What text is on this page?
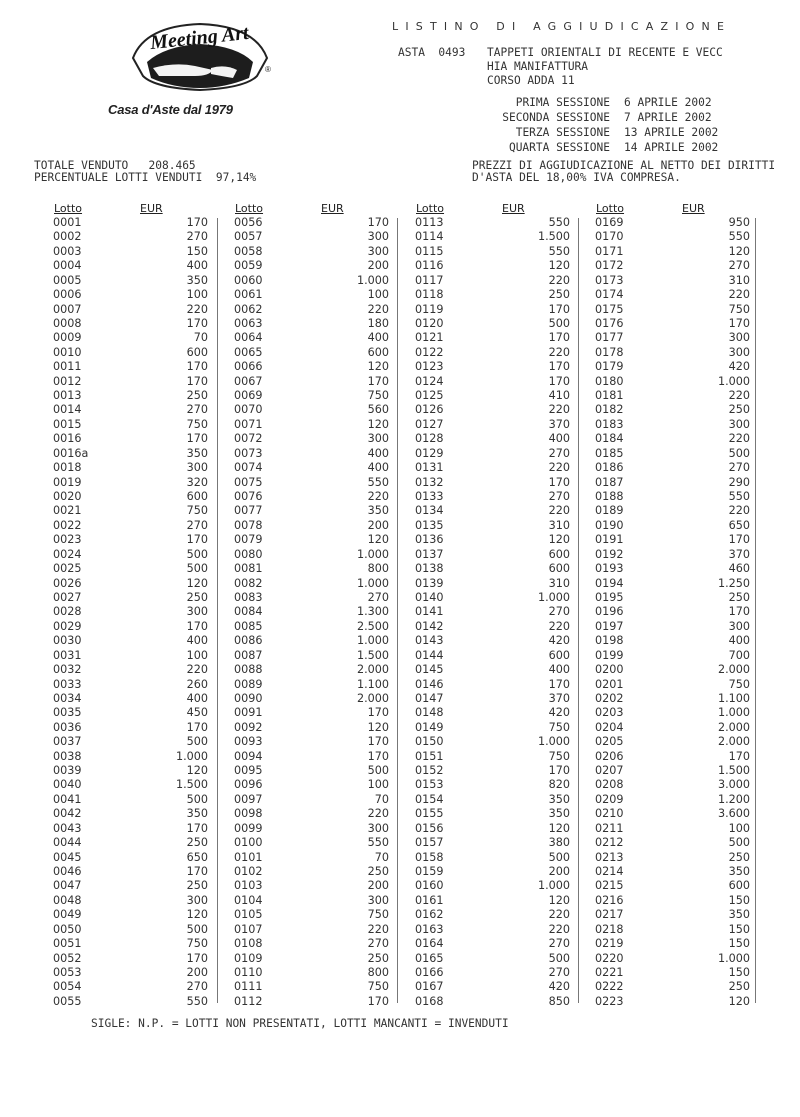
®
Meeting Art
Casa d'Aste dal 1979
LISTINO DI AGGIUDICAZIONE
ASTA  0493 TAPPETI ORIENTALI DI RECENTE E VECC
HIA MANIFATTURA
CORSO ADDA 11
PRIMA SESSIONE 6 APRILE 2002
SECONDA SESSIONE 7 APRILE 2002
TERZA SESSIONE 13 APRILE 2002
QUARTA SESSIONE 14 APRILE 2002
TOTALE VENDUTO 208.465
PERCENTUALE LOTTI VENDUTI 97,14%
PREZZI DI AGGIUDICAZIONE AL NETTO DEI DIRITTI
D'ASTA DEL 18,00% IVA COMPRESA.
Lotto	EUR
0001	170
0002	270
0003	150
0004	400
0005	350
0006	100
0007	220
0008	170
0009	70
0010	600
0011	170
0012	170
0013	250
0014	270
0015	750
0016	170
0016a	350
0018	300
0019	320
0020	600
0021	750
0022	270
0023	170
0024	500
0025	500
0026	120
0027	250
0028	300
0029	170
0030	400
0031	100
0032	220
0033	260
0034	400
0035	450
0036	170
0037	500
0038	1.000
0039	120
0040	1.500
0041	500
0042	350
0043	170
0044	250
0045	650
0046	170
0047	250
0048	300
0049	120
0050	500
0051	750
0052	170
0053	200
0054	270
0055	550
Lotto	EUR
0056	170
0057	300
0058	300
0059	200
0060	1.000
0061	100
0062	220
0063	180
0064	400
0065	600
0066	120
0067	170
0069	750
0070	560
0071	120
0072	300
0073	400
0074	400
0075	550
0076	220
0077	350
0078	200
0079	120
0080	1.000
0081	800
0082	1.000
0083	270
0084	1.300
0085	2.500
0086	1.000
0087	1.500
0088	2.000
0089	1.100
0090	2.000
0091	170
0092	120
0093	170
0094	170
0095	500
0096	100
0097	70
0098	220
0099	300
0100	550
0101	70
0102	250
0103	200
0104	300
0105	750
0107	220
0108	270
0109	250
0110	800
0111	750
0112	170
Lotto	EUR
0113	550
0114	1.500
0115	550
0116	120
0117	220
0118	250
0119	170
0120	500
0121	170
0122	220
0123	170
0124	170
0125	410
0126	220
0127	370
0128	400
0129	270
0131	220
0132	170
0133	270
0134	220
0135	310
0136	120
0137	600
0138	600
0139	310
0140	1.000
0141	270
0142	220
0143	420
0144	600
0145	400
0146	170
0147	370
0148	420
0149	750
0150	1.000
0151	750
0152	170
0153	820
0154	350
0155	350
0156	120
0157	380
0158	500
0159	200
0160	1.000
0161	120
0162	220
0163	220
0164	270
0165	500
0166	270
0167	420
0168	850
Lotto	EUR
0169	950
0170	550
0171	120
0172	270
0173	310
0174	220
0175	750
0176	170
0177	300
0178	300
0179	420
0180	1.000
0181	220
0182	250
0183	300
0184	220
0185	500
0186	270
0187	290
0188	550
0189	220
0190	650
0191	170
0192	370
0193	460
0194	1.250
0195	250
0196	170
0197	300
0198	400
0199	700
0200	2.000
0201	750
0202	1.100
0203	1.000
0204	2.000
0205	2.000
0206	170
0207	1.500
0208	3.000
0209	1.200
0210	3.600
0211	100
0212	500
0213	250
0214	350
0215	600
0216	150
0217	350
0218	150
0219	150
0220	1.000
0221	150
0222	250
0223	120
SIGLE: N.P. = LOTTI NON PRESENTATI, LOTTI MANCANTI = INVENDUTI
